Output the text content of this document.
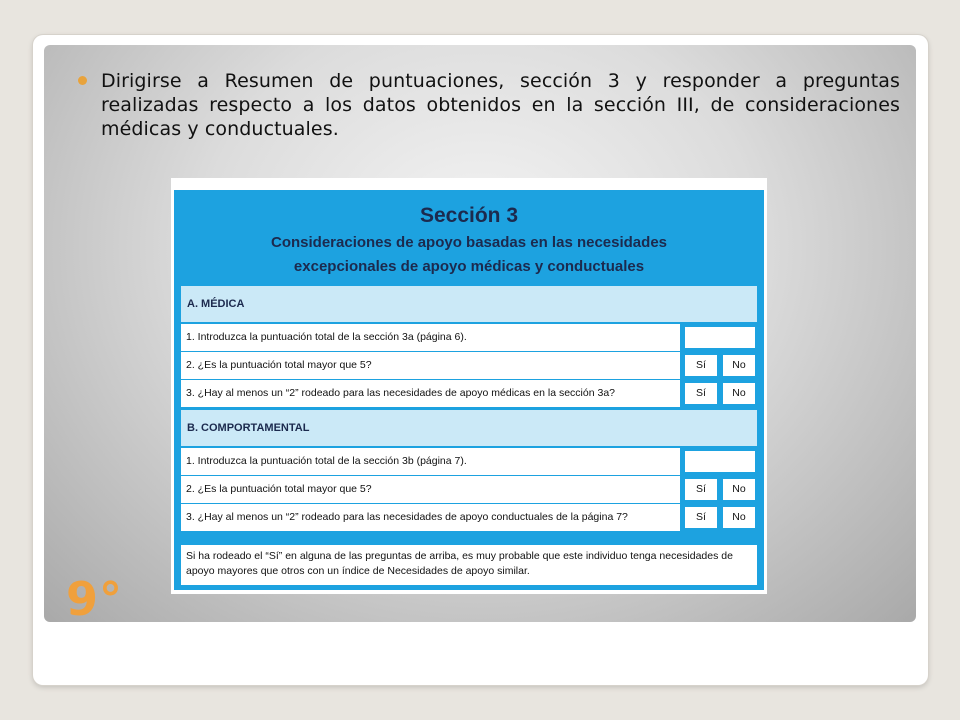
Dirigirse a Resumen de puntuaciones, sección 3 y responder a preguntas realizadas respecto a los datos obtenidos en la sección III, de consideraciones médicas y conductuales.
Sección 3
Consideraciones de apoyo basadas en las necesidades
excepcionales de apoyo médicas y conductuales
A. MÉDICA
1. Introduzca la puntuación total de la sección 3a (página 6).
2. ¿Es la puntuación total mayor que 5?	Sí	No
3. ¿Hay al menos un “2” rodeado para las necesidades de apoyo médicas en la sección 3a?	Sí	No
B. COMPORTAMENTAL
1. Introduzca la puntuación total de la sección 3b (página 7).
2. ¿Es la puntuación total mayor que 5?	Sí	No
3. ¿Hay al menos un “2” rodeado para las necesidades de apoyo conductuales de la página 7?	Sí	No
Si ha rodeado el “Sí” en alguna de las preguntas de arriba, es muy probable que este individuo tenga necesidades de apoyo mayores que otros con un índice de Necesidades de apoyo similar.
9°
